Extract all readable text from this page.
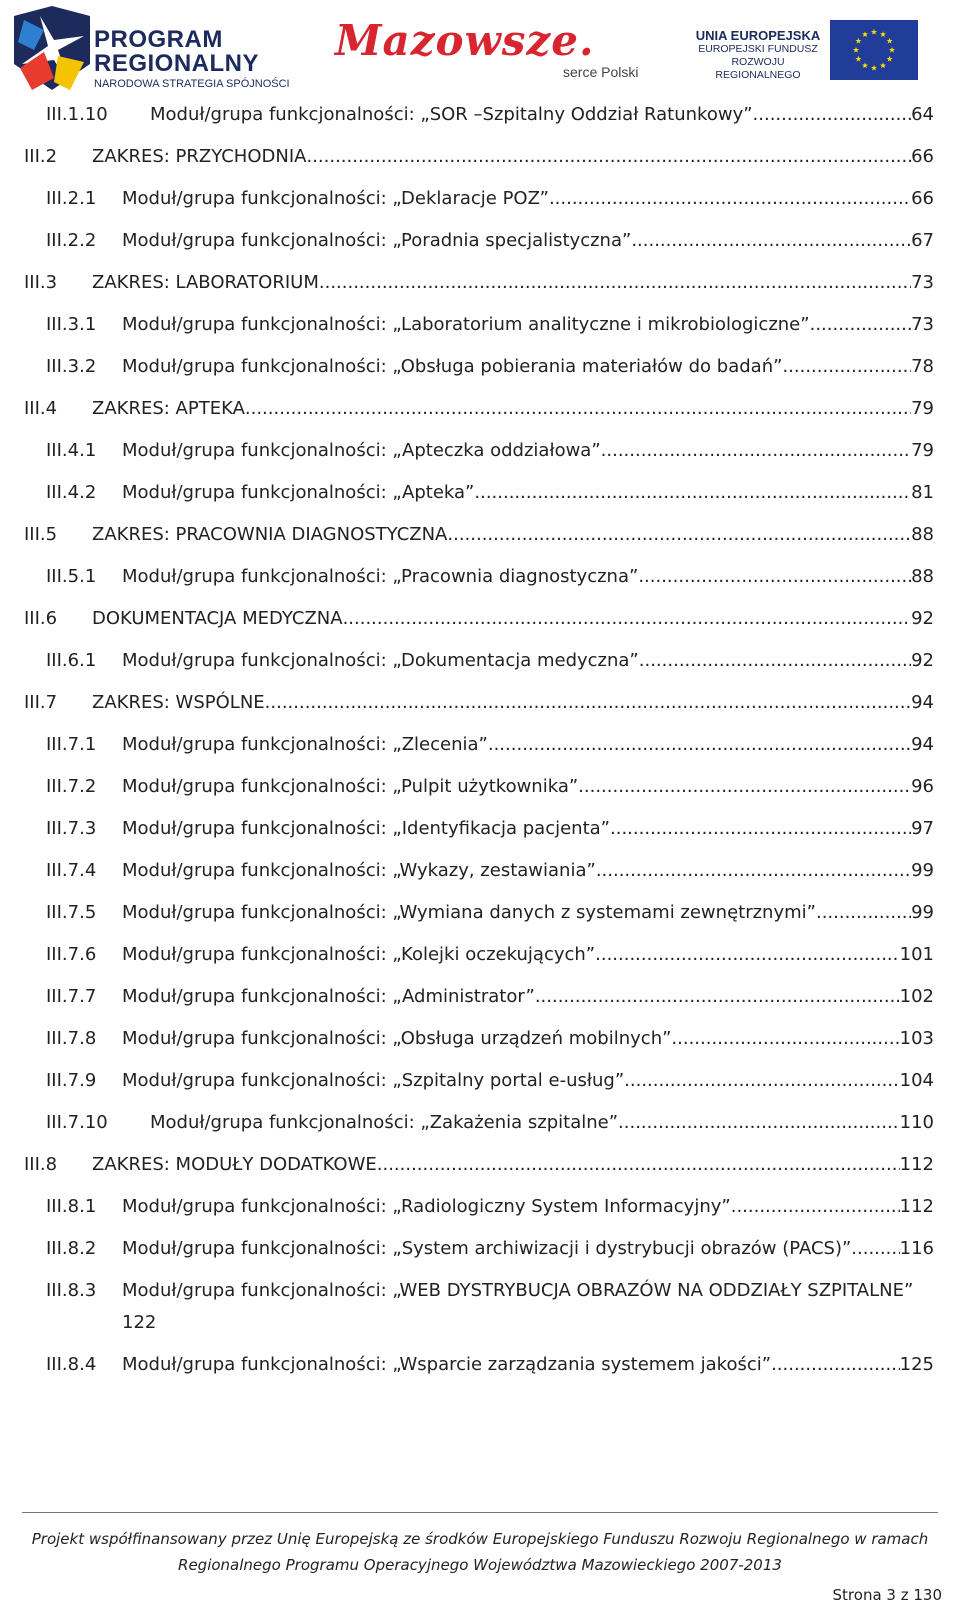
PROGRAM
REGIONALNY
NARODOWA STRATEGIA SPÓJNOŚCI
Mazowsze.
serce Polski
UNIA EUROPEJSKA
EUROPEJSKI FUNDUSZ
ROZWOJU REGIONALNEGO
III.1.10 Moduł/grupa funkcjonalności: „SOR –Szpitalny Oddział Ratunkowy” .....	64
III.2 ZAKRES: PRZYCHODNIA .....	66
III.2.1 Moduł/grupa funkcjonalności: „Deklaracje POZ” .....	66
III.2.2 Moduł/grupa funkcjonalności: „Poradnia specjalistyczna” .....	67
III.3 ZAKRES: LABORATORIUM .....	73
III.3.1 Moduł/grupa funkcjonalności: „Laboratorium analityczne i mikrobiologiczne” .....	73
III.3.2 Moduł/grupa funkcjonalności: „Obsługa pobierania materiałów do badań” .....	78
III.4 ZAKRES: APTEKA .....	79
III.4.1 Moduł/grupa funkcjonalności: „Apteczka oddziałowa” .....	79
III.4.2 Moduł/grupa funkcjonalności: „Apteka” .....	81
III.5 ZAKRES: PRACOWNIA DIAGNOSTYCZNA .....	88
III.5.1 Moduł/grupa funkcjonalności: „Pracownia diagnostyczna” .....	88
III.6 DOKUMENTACJA MEDYCZNA .....	92
III.6.1 Moduł/grupa funkcjonalności: „Dokumentacja medyczna” .....	92
III.7 ZAKRES: WSPÓLNE .....	94
III.7.1 Moduł/grupa funkcjonalności: „Zlecenia” .....	94
III.7.2 Moduł/grupa funkcjonalności: „Pulpit użytkownika” .....	96
III.7.3 Moduł/grupa funkcjonalności: „Identyfikacja pacjenta” .....	97
III.7.4 Moduł/grupa funkcjonalności: „Wykazy, zestawiania” .....	99
III.7.5 Moduł/grupa funkcjonalności: „Wymiana danych z systemami zewnętrznymi” .....	99
III.7.6 Moduł/grupa funkcjonalności: „Kolejki oczekujących” .....	101
III.7.7 Moduł/grupa funkcjonalności: „Administrator” .....	102
III.7.8 Moduł/grupa funkcjonalności: „Obsługa urządzeń mobilnych” .....	103
III.7.9 Moduł/grupa funkcjonalności: „Szpitalny portal e-usług” .....	104
III.7.10 Moduł/grupa funkcjonalności: „Zakażenia szpitalne” .....	110
III.8 ZAKRES: MODUŁY DODATKOWE .....	112
III.8.1 Moduł/grupa funkcjonalności: „Radiologiczny System Informacyjny” .....	112
III.8.2 Moduł/grupa funkcjonalności: „System archiwizacji i dystrybucji obrazów (PACS)” .....	116
III.8.3 Moduł/grupa funkcjonalności: „WEB DYSTRYBUCJA OBRAZÓW NA ODDZIAŁY SZPITALNE”
122
III.8.4 Moduł/grupa funkcjonalności: „Wsparcie zarządzania systemem jakości” .....	125
Projekt współfinansowany przez Unię Europejską ze środków Europejskiego Funduszu Rozwoju Regionalnego w ramach
Regionalnego Programu Operacyjnego Województwa Mazowieckiego 2007-2013
Strona 3 z 130
